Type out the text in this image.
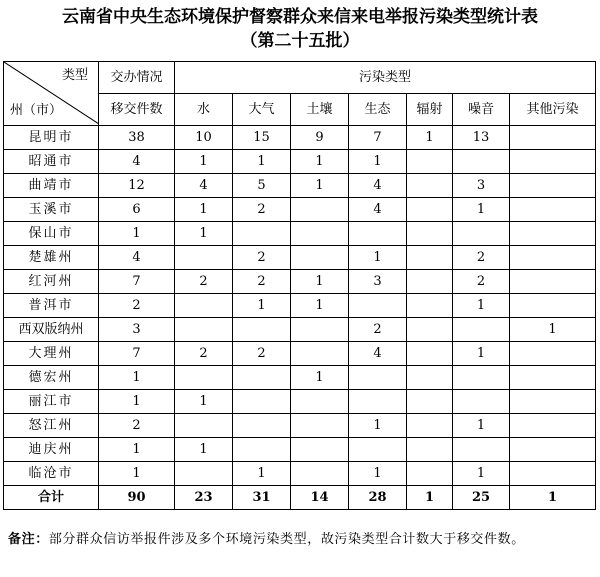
云南省中央生态环境保护督察群众来信来电举报污染类型统计表
（第二十五批）
类型
州（市）	交办情况	污染类型						
	移交件数	水	大气	土壤	生态	辐射	噪音	其他污染
昆明市	38	10	15	9	7	1	13	
昭通市	4	1	1	1	1			
曲靖市	12	4	5	1	4		3	
玉溪市	6	1	2		4		1	
保山市	1	1						
楚雄州	4		2		1		2	
红河州	7	2	2	1	3		2	
普洱市	2		1	1			1	
西双版纳州	3				2			1
大理州	7	2	2		4		1	
德宏州	1			1				
丽江市	1	1						
怒江州	2				1		1	
迪庆州	1	1						
临沧市	1		1		1		1	
合计	90	23	31	14	28	1	25	1
备注：部分群众信访举报件涉及多个环境污染类型，故污染类型合计数大于移交件数。
